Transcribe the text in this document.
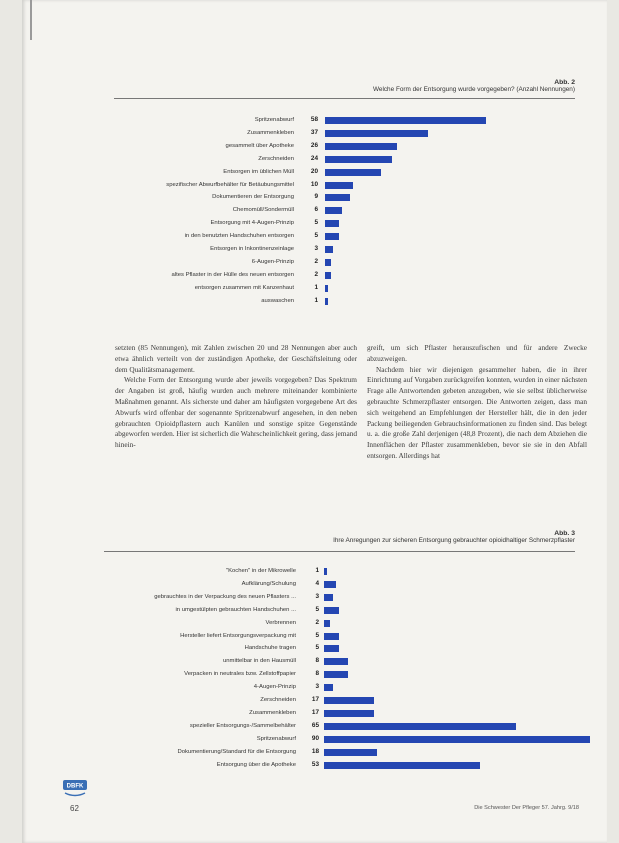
Abb. 2
Welche Form der Entsorgung wurde vorgegeben? (Anzahl Nennungen)
Spritzenabwurf	58
Zusammenkleben	37
gesammelt über Apotheke	26
Zerschneiden	24
Entsorgen im üblichen Müll	20
spezifischer Abwurfbehälter für Betäubungsmittel	10
Dokumentieren der Entsorgung	9
Chemomüll/Sondermüll	6
Entsorgung mit 4-Augen-Prinzip	5
in den benutzten Handschuhen entsorgen	5
Entsorgen in Inkontinenzeinlage	3
6-Augen-Prinzip	2
altes Pflaster in der Hülle des neuen entsorgen	2
entsorgen zusammen mit Kanzenhaut	1
auswaschen	1

setzten (85 Nennungen), mit Zahlen zwischen 20 und 28 Nennungen aber auch etwa ähnlich verteilt von der zuständigen Apotheke, der Geschäftsleitung oder dem Qualitätsmanagement.

Welche Form der Entsorgung wurde aber jeweils vorgegeben? Das Spektrum der Angaben ist groß, häufig wurden auch mehrere miteinander kombinierte Maßnahmen genannt. Als sicherste und daher am häufigsten vorgegebene Art des Abwurfs wird offenbar der sogenannte Spritzenabwurf angesehen, in den neben gebrauchten Opioidpflastern auch Kanülen und sonstige spitze Gegenstände abgeworfen werden. Hier ist sicherlich die Wahrscheinlichkeit gering, dass jemand hinein-

greift, um sich Pflaster herauszufischen und für andere Zwecke abzuzweigen.

Nachdem hier wir diejenigen gesammelter haben, die in ihrer Einrichtung auf Vorgaben zurückgreifen konnten, wurden in einer nächsten Frage alle Antwortenden gebeten anzugeben, wie sie selbst üblicherweise gebrauchte Schmerzpflaster entsorgen. Die Antworten zeigen, dass man sich weitgehend an Empfehlungen der Hersteller hält, die in den jeder Packung beiliegenden Gebrauchsinformationen zu finden sind. Das belegt u. a. die große Zahl derjenigen (48,8 Prozent), die nach dem Abziehen die Innenflächen der Pflaster zusammenkleben, bevor sie sie in den Abfall entsorgen. Allerdings hat

Abb. 3
Ihre Anregungen zur sicheren Entsorgung gebrauchter opioidhaltiger Schmerzpflaster
"Kochen" in der Mikrowelle	1
Aufklärung/Schulung	4
gebrauchtes in der Verpackung des neuen Pflasters ...	3
in umgestülpten gebrauchten Handschuhen ...	5
Verbrennen	2
Hersteller liefert Entsorgungsverpackung mit	5
Handschuhe tragen	5
unmittelbar in den Hausmüll	8
Verpacken in neutrales bzw. Zellstoffpapier	8
4-Augen-Prinzip	3
Zerschneiden	17
Zusammenkleben	17
spezieller Entsorgungs-/Sammelbehälter	65
Spritzenabwurf	90
Dokumentierung/Standard für die Entsorgung	18
Entsorgung über die Apotheke	53
DBFK
62	Die Schwester Der Pfleger 57. Jahrg. 9/18
